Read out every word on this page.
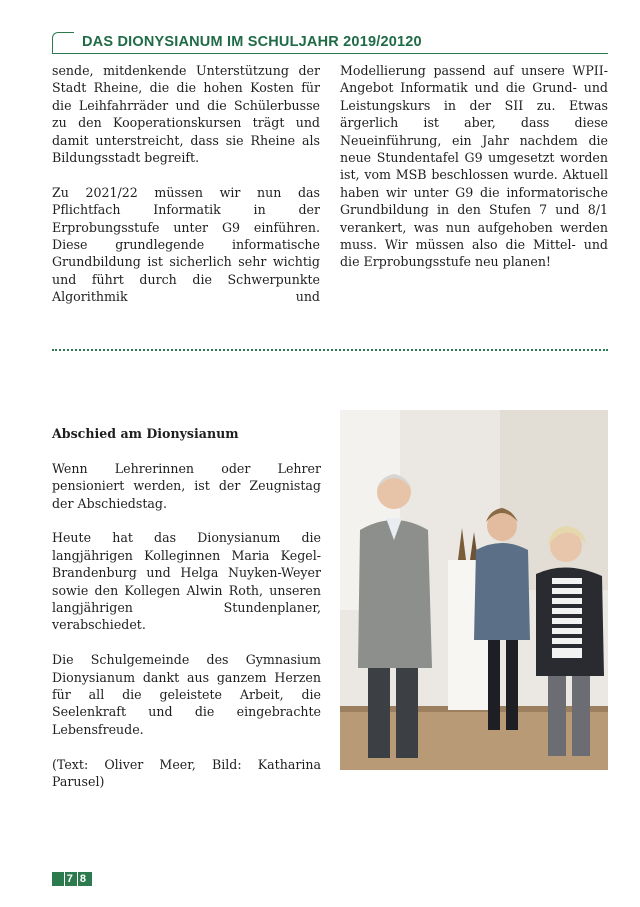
DAS DIONYSIANUM IM SCHULJAHR 2019/20120

sende, mitdenkende Unterstützung der Stadt Rheine, die die hohen Kosten für die Leihfahrräder und die Schülerbusse zu den Kooperationskursen trägt und damit unterstreicht, dass sie Rheine als Bildungsstadt begreift.

Zu 2021/22 müssen wir nun das Pflichtfach Informatik in der Erprobungsstufe unter G9 einführen. Diese grundlegende informatische Grundbildung ist sicherlich sehr wichtig und führt durch die Schwerpunkte Algorithmik und

Modellierung passend auf unsere WPII-Angebot Informatik und die Grund- und Leistungskurs in der SII zu. Etwas ärgerlich ist aber, dass diese Neueinführung, ein Jahr nachdem die neue Stundentafel G9 umgesetzt worden ist, vom MSB beschlossen wurde. Aktuell haben wir unter G9 die informatorische Grundbildung in den Stufen 7 und 8/1 verankert, was nun aufgehoben werden muss. Wir müssen also die Mittel- und die Erprobungsstufe neu planen!

Abschied am Dionysianum

Wenn Lehrerinnen oder Lehrer pensioniert werden, ist der Zeugnistag der Abschiedstag.

Heute hat das Dionysianum die langjährigen Kolleginnen Maria Kegel-Brandenburg und Helga Nuyken-Weyer sowie den Kollegen Alwin Roth, unseren langjährigen Stundenplaner, verabschiedet.

Die Schulgemeinde des Gymnasium Dionysianum dankt aus ganzem Herzen für all die geleistete Arbeit, die Seelenkraft und die eingebrachte Lebensfreude.

(Text: Oliver Meer, Bild: Katharina Parusel)

7 8
